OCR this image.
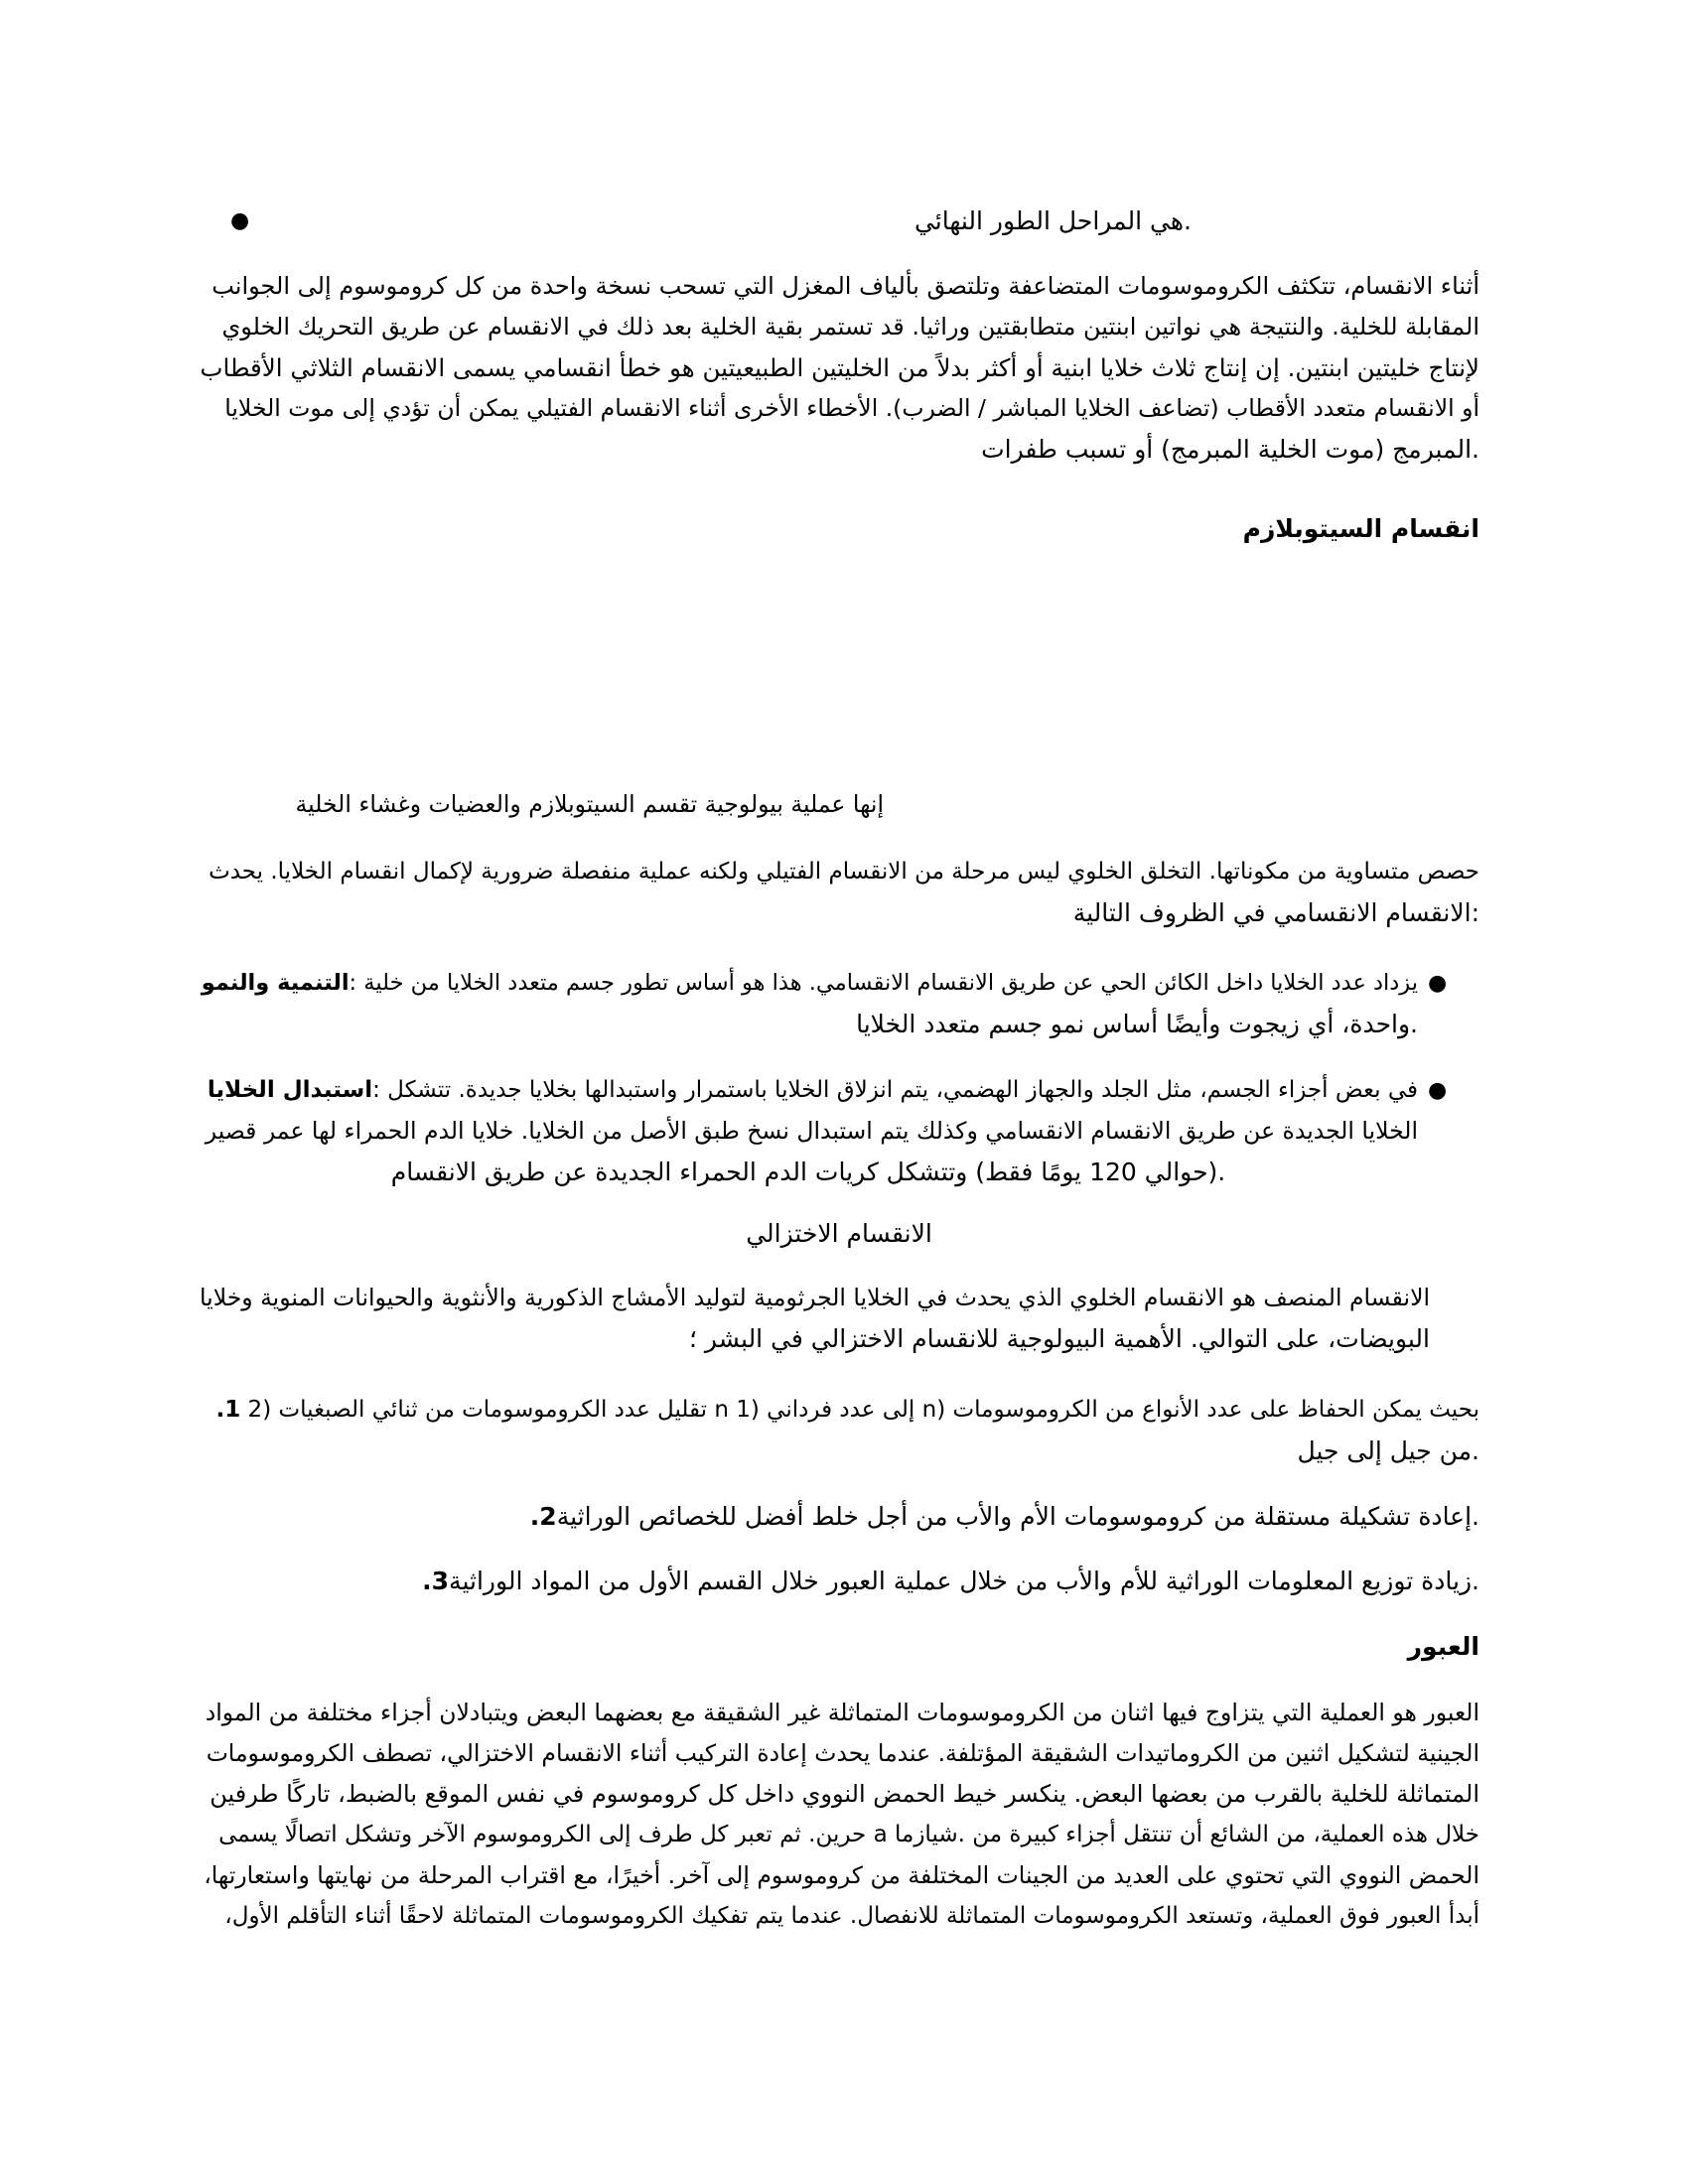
●	.هي المراحل الطور النهائي

أثناء الانقسام، تتكثف الكروموسومات المتضاعفة وتلتصق بألياف المغزل التي تسحب نسخة واحدة من كل كروموسوم إلى الجوانب
المقابلة للخلية. والنتيجة هي نواتين ابنتين متطابقتين وراثيا. قد تستمر بقية الخلية بعد ذلك في الانقسام عن طريق التحريك الخلوي
لإنتاج خليتين ابنتين. إن إنتاج ثلاث خلايا ابنية أو أكثر بدلاً من الخليتين الطبيعيتين هو خطأ انقسامي يسمى الانقسام الثلاثي الأقطاب
أو الانقسام متعدد الأقطاب (تضاعف الخلايا المباشر / الضرب). الأخطاء الأخرى أثناء الانقسام الفتيلي يمكن أن تؤدي إلى موت الخلايا
.المبرمج (موت الخلية المبرمج) أو تسبب طفرات

انقسام السيتوبلازم

إنها عملية بيولوجية تقسم السيتوبلازم والعضيات وغشاء الخلية

حصص متساوية من مكوناتها. التخلق الخلوي ليس مرحلة من الانقسام الفتيلي ولكنه عملية منفصلة ضرورية لإكمال انقسام الخلايا. يحدث
:الانقسام الانقسامي في الظروف التالية

●

يزداد عدد الخلايا داخل الكائن الحي عن طريق الانقسام الانقسامي. هذا هو أساس تطور جسم متعدد الخلايا من خلية :التنمية والنمو
.واحدة، أي زيجوت وأيضًا أساس نمو جسم متعدد الخلايا

●

في بعض أجزاء الجسم، مثل الجلد والجهاز الهضمي، يتم انزلاق الخلايا باستمرار واستبدالها بخلايا جديدة. تتشكل :استبدال الخلايا
الخلايا الجديدة عن طريق الانقسام الانقسامي وكذلك يتم استبدال نسخ طبق الأصل من الخلايا. خلايا الدم الحمراء لها عمر قصير
.(حوالي 120 يومًا فقط) وتتشكل كريات الدم الحمراء الجديدة عن طريق الانقسام

الانقسام الاختزالي

الانقسام المنصف هو الانقسام الخلوي الذي يحدث في الخلايا الجرثومية لتوليد الأمشاج الذكورية والأنثوية والحيوانات المنوية وخلايا
البويضات، على التوالي. الأهمية البيولوجية للانقسام الاختزالي في البشر ؛

بحيث يمكن الحفاظ على عدد الأنواع من الكروموسومات (n إلى عدد فرداني (1 n تقليل عدد الكروموسومات من ثنائي الصبغيات (2 1.
.من جيل إلى جيل

.إعادة تشكيلة مستقلة من كروموسومات الأم والأب من أجل خلط أفضل للخصائص الوراثية2.

.زيادة توزيع المعلومات الوراثية للأم والأب من خلال عملية العبور خلال القسم الأول من المواد الوراثية3.

العبور

العبور هو العملية التي يتزاوج فيها اثنان من الكروموسومات المتماثلة غير الشقيقة مع بعضهما البعض ويتبادلان أجزاء مختلفة من المواد
الجينية لتشكيل اثنين من الكروماتيدات الشقيقة المؤتلفة. عندما يحدث إعادة التركيب أثناء الانقسام الاختزالي، تصطف الكروموسومات
المتماثلة للخلية بالقرب من بعضها البعض. ينكسر خيط الحمض النووي داخل كل كروموسوم في نفس الموقع بالضبط، تاركًا طرفين
خلال هذه العملية، من الشائع أن تنتقل أجزاء كبيرة من .شيازما a حرين. ثم تعبر كل طرف إلى الكروموسوم الآخر وتشكل اتصالًا يسمى
الحمض النووي التي تحتوي على العديد من الجينات المختلفة من كروموسوم إلى آخر. أخيرًا، مع اقتراب المرحلة من نهايتها واستعارتها،
أبدأ العبور فوق العملية، وتستعد الكروموسومات المتماثلة للانفصال. عندما يتم تفكيك الكروموسومات المتماثلة لاحقًا أثناء التأقلم الأول،
